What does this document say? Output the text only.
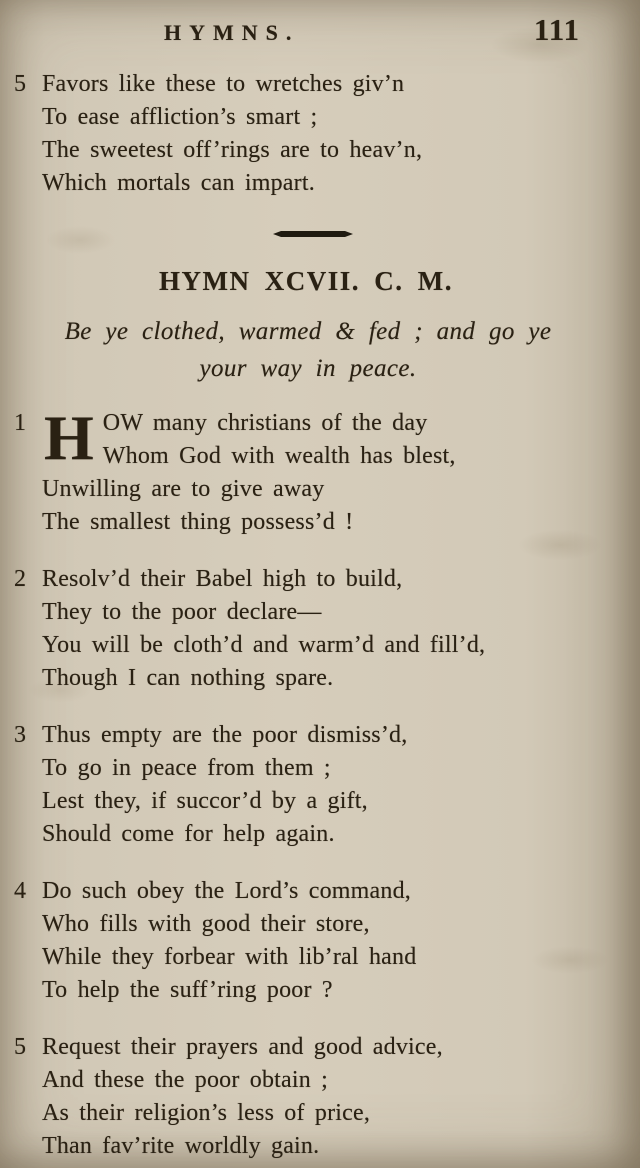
HYMNS.	111
5 Favors like these to wretches giv’n
To ease affliction’s smart ;
The sweetest off’rings are to heav’n,
Which mortals can impart.
HYMN XCVII. C. M.

Be ye clothed, warmed & fed ; and go ye
your way in peace.

1 H OW many christians of the day
Whom God with wealth has blest,
Unwilling are to give away
The smallest thing possess’d !
2 Resolv’d their Babel high to build,
They to the poor declare—
You will be cloth’d and warm’d and fill’d,
Though I can nothing spare.
3 Thus empty are the poor dismiss’d,
To go in peace from them ;
Lest they, if succor’d by a gift,
Should come for help again.
4 Do such obey the Lord’s command,
Who fills with good their store,
While they forbear with lib’ral hand
To help the suff’ring poor ?
5 Request their prayers and good advice,
And these the poor obtain ;
As their religion’s less of price,
Than fav’rite worldly gain.
